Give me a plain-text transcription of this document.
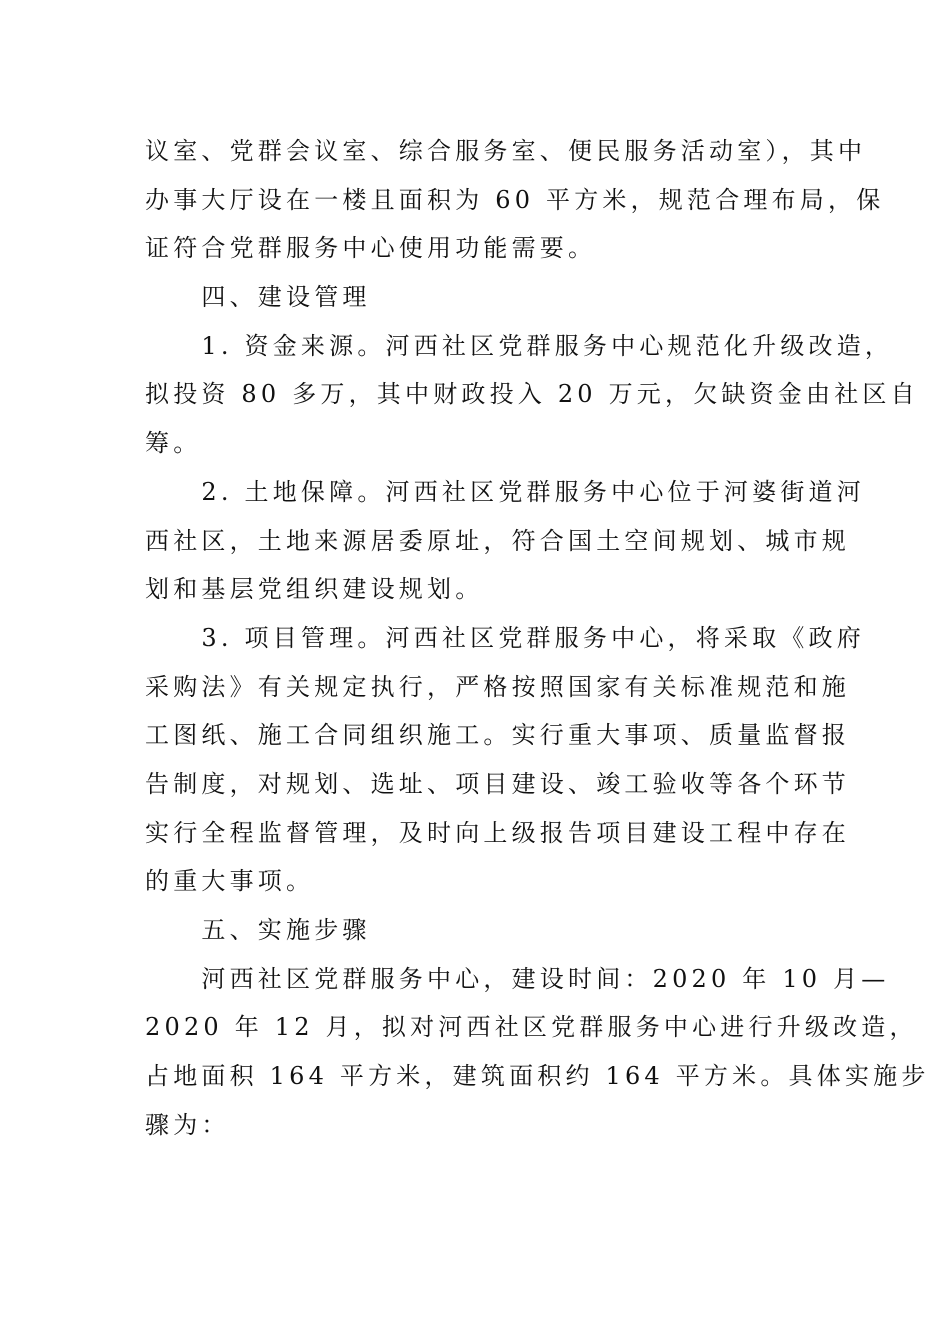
议室、党群会议室、综合服务室、便民服务活动室），其中
办事大厅设在一楼且面积为 60 平方米，规范合理布局，保
证符合党群服务中心使用功能需要。
　　四、建设管理
　　1. 资金来源。河西社区党群服务中心规范化升级改造，
拟投资 80 多万，其中财政投入 20 万元，欠缺资金由社区自
筹。
　　2. 土地保障。河西社区党群服务中心位于河婆街道河
西社区，土地来源居委原址，符合国土空间规划、城市规
划和基层党组织建设规划。
　　3. 项目管理。河西社区党群服务中心，将采取《政府
采购法》有关规定执行，严格按照国家有关标准规范和施
工图纸、施工合同组织施工。实行重大事项、质量监督报
告制度，对规划、选址、项目建设、竣工验收等各个环节
实行全程监督管理，及时向上级报告项目建设工程中存在
的重大事项。
　　五、实施步骤
　　河西社区党群服务中心，建设时间：2020 年 10 月—
2020 年 12 月，拟对河西社区党群服务中心进行升级改造，
占地面积 164 平方米，建筑面积约 164 平方米。具体实施步
骤为：
